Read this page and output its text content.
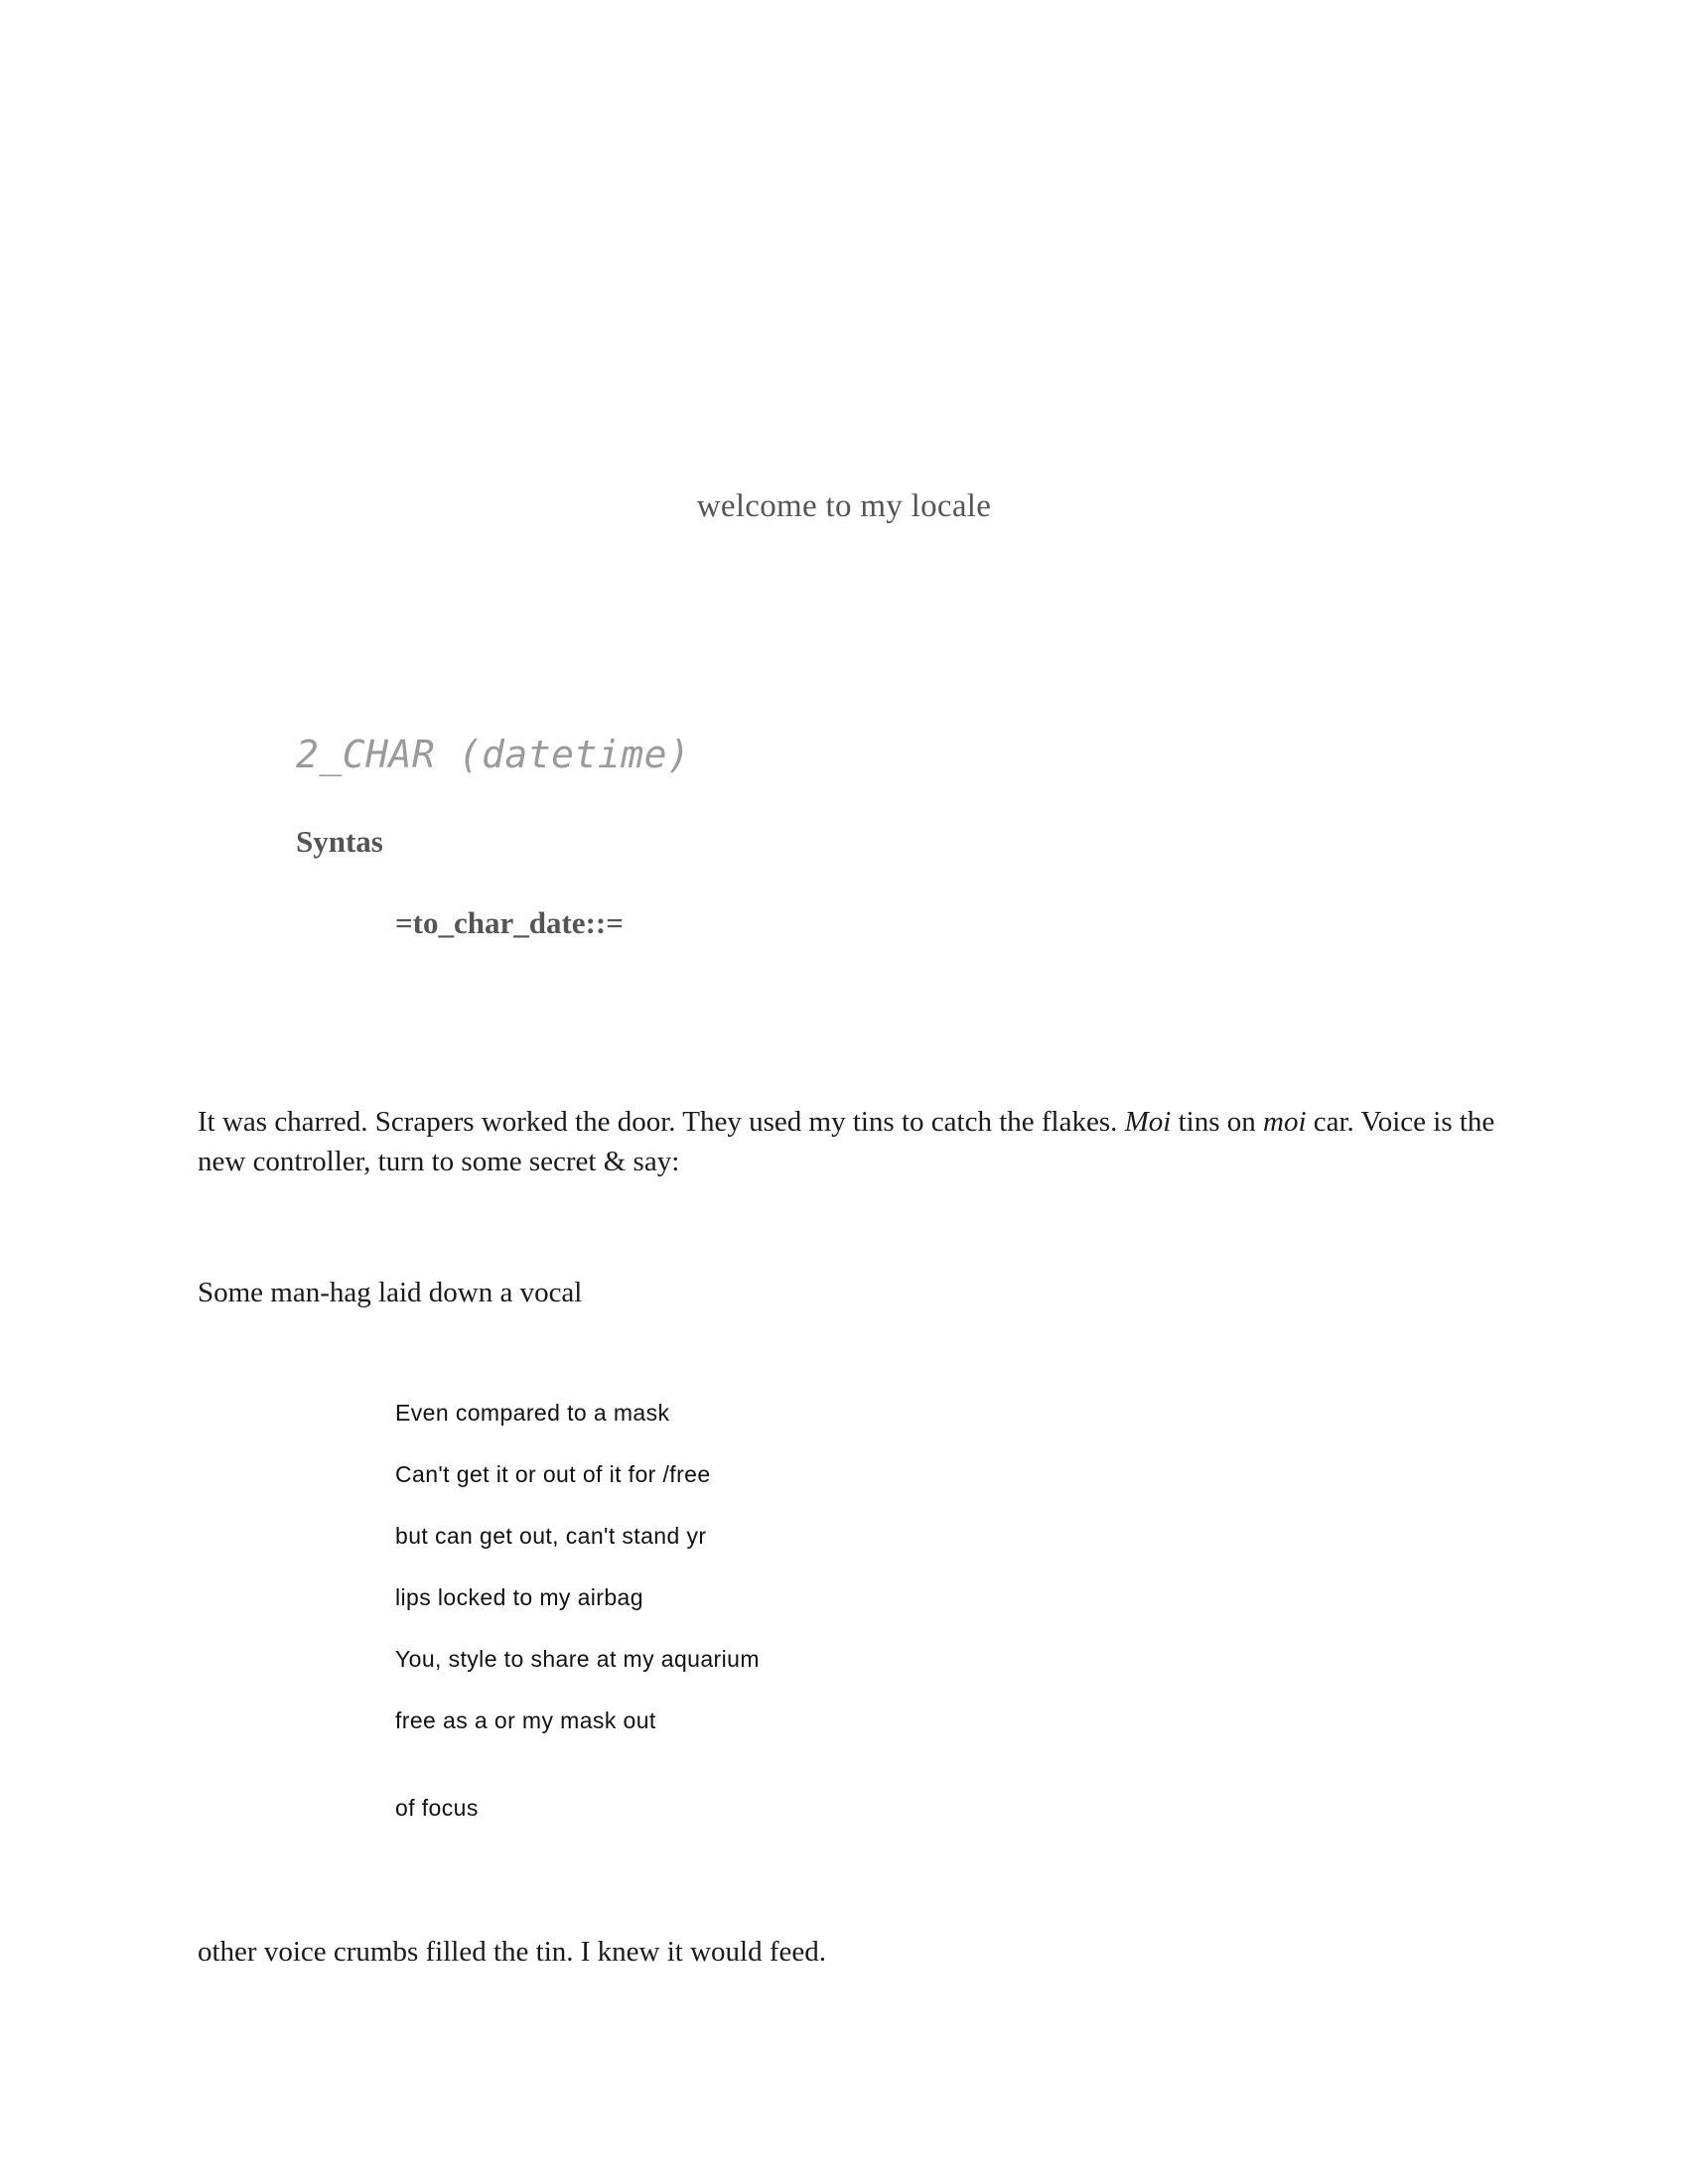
welcome to my locale
2_CHAR (datetime)
Syntas
=to_char_date::=
It was charred. Scrapers worked the door. They used my tins to catch the flakes. Moi tins on moi car. Voice is the new controller, turn to some secret & say:
Some man-hag laid down a vocal
Even compared to a mask
Can't get it or out of it for /free
but can get out, can't stand yr
lips locked to my airbag
You, style to share at my aquarium
free as a or my mask out
of focus
other voice crumbs filled the tin. I knew it would feed.
